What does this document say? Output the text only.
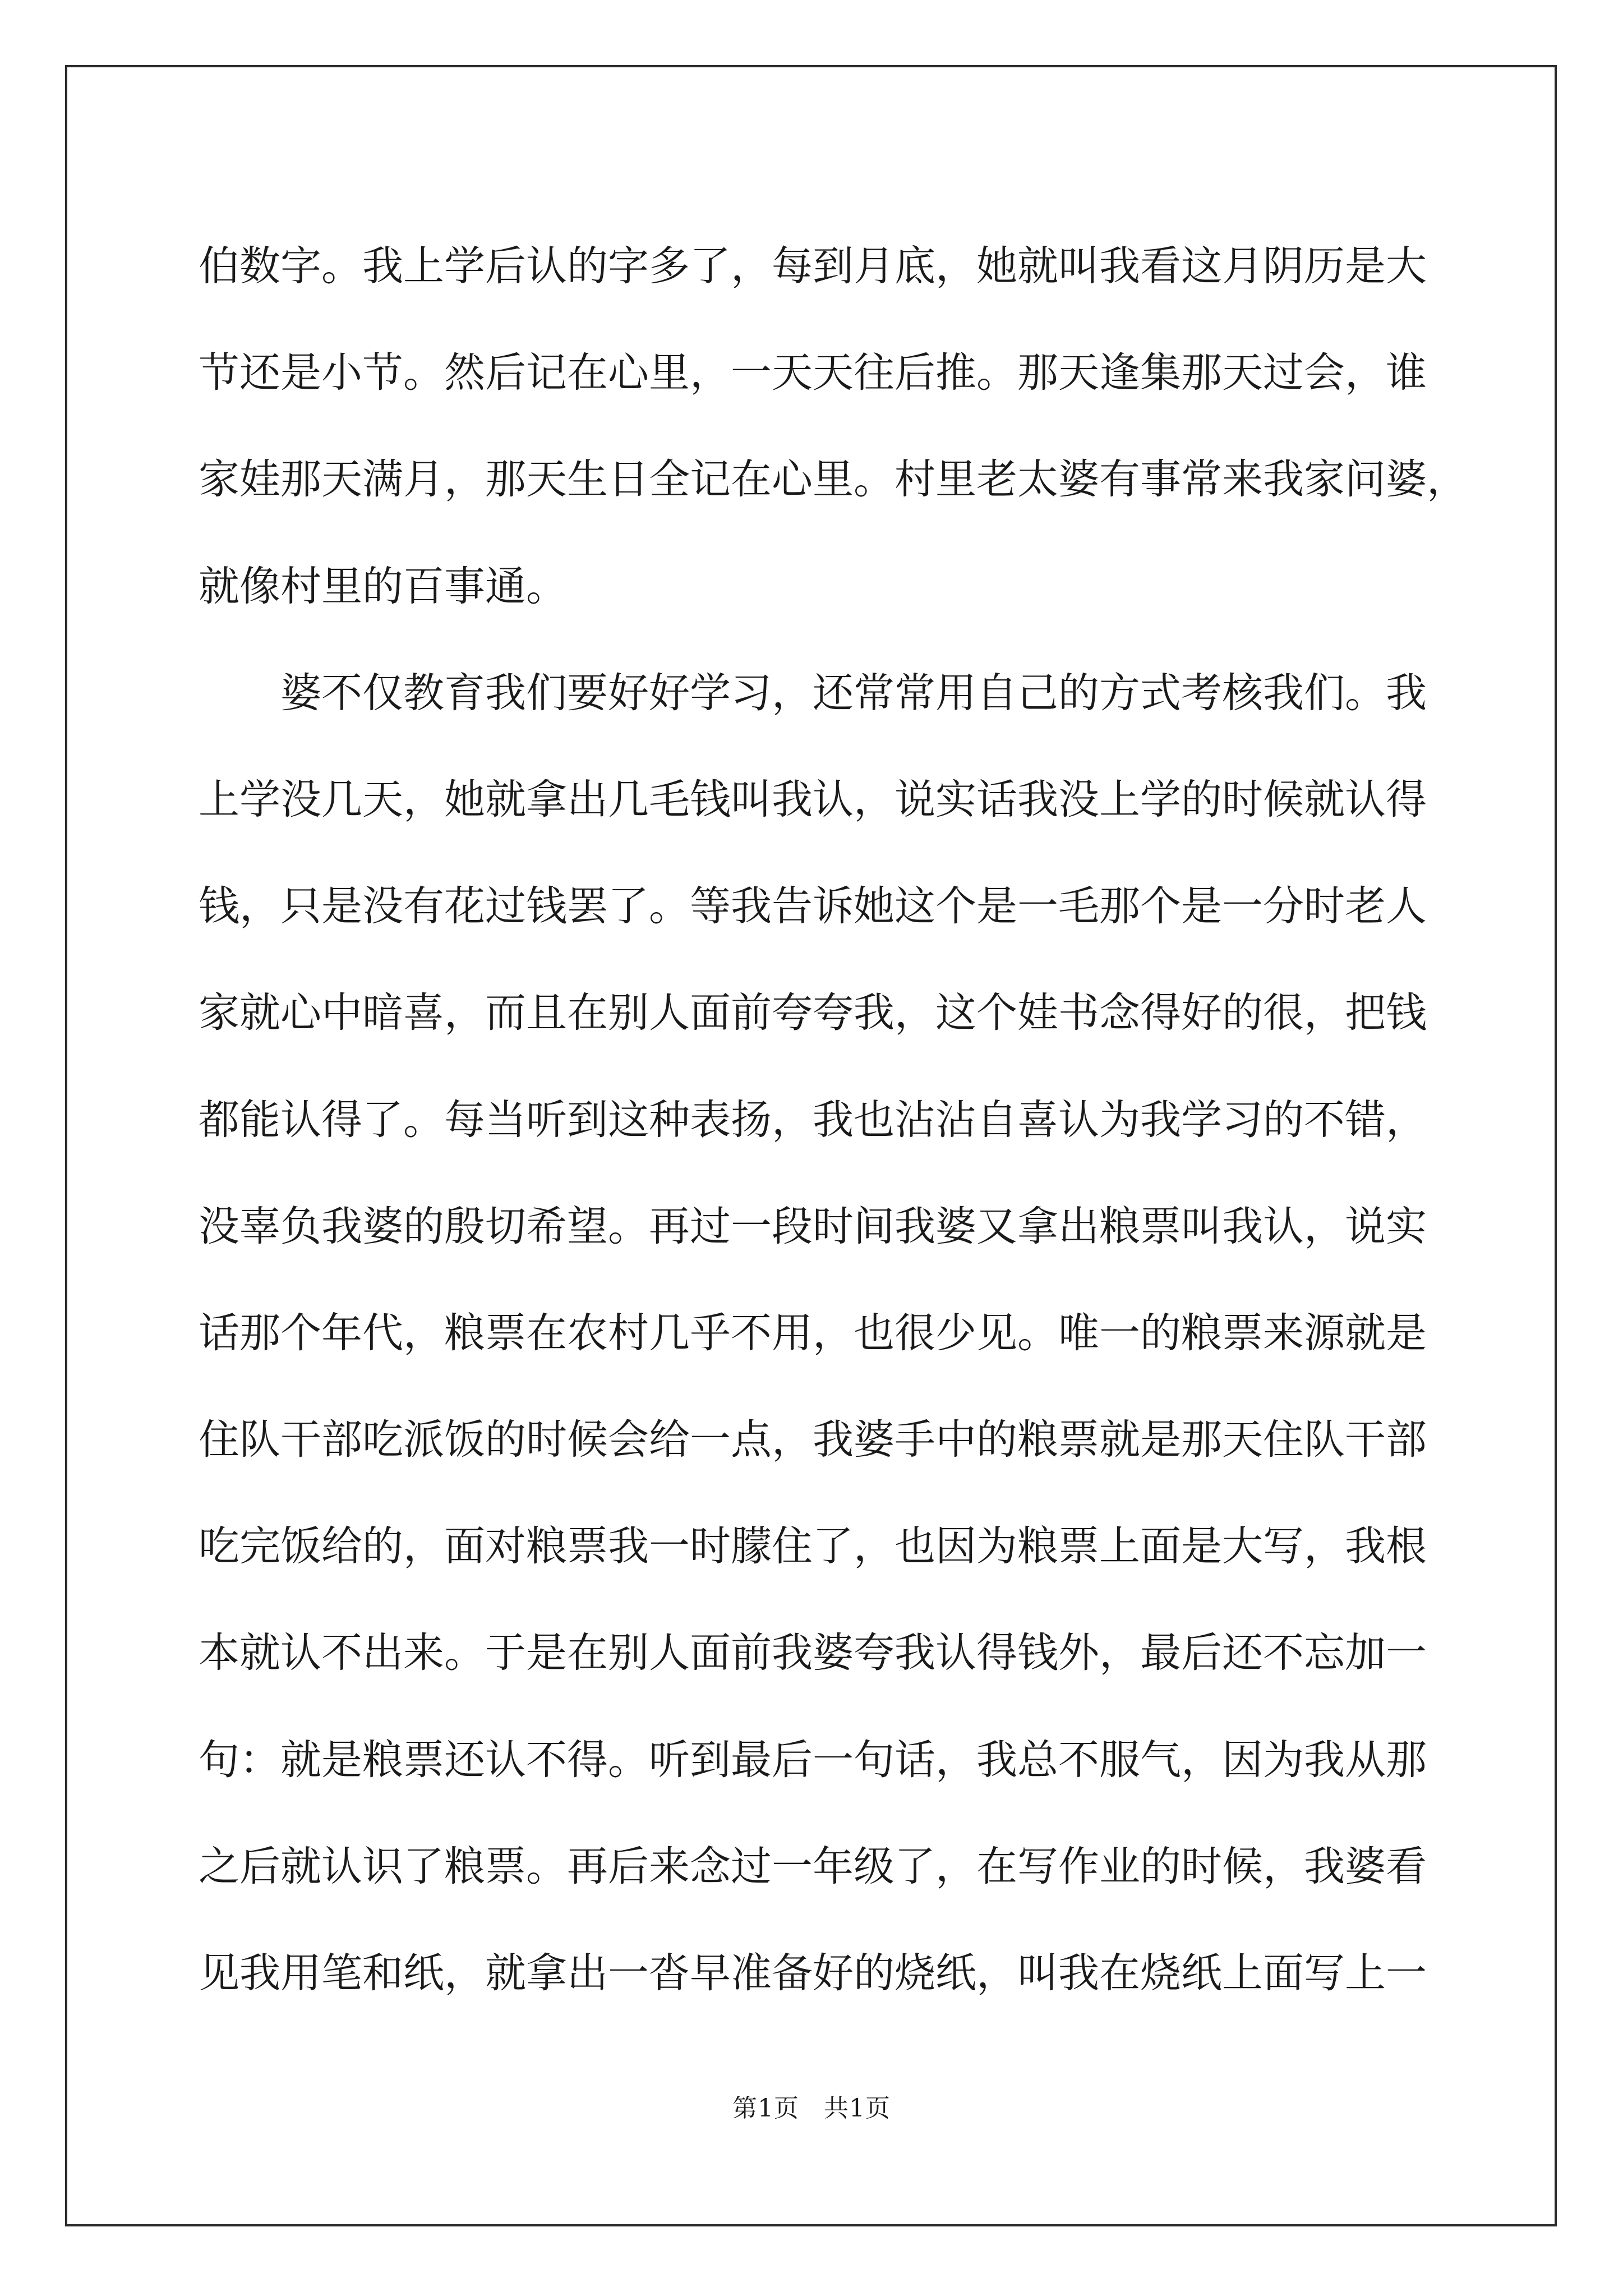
伯数字。我上学后认的字多了，每到月底，她就叫我看这月阴历是大
节还是小节。然后记在心里，一天天往后推。那天逢集那天过会，谁
家娃那天满月，那天生日全记在心里。村里老太婆有事常来我家问婆，
就像村里的百事通。

婆不仅教育我们要好好学习，还常常用自己的方式考核我们。我
上学没几天，她就拿出几毛钱叫我认，说实话我没上学的时候就认得
钱，只是没有花过钱罢了。等我告诉她这个是一毛那个是一分时老人
家就心中暗喜，而且在别人面前夸夸我，这个娃书念得好的很，把钱
都能认得了。每当听到这种表扬，我也沾沾自喜认为我学习的不错，
没辜负我婆的殷切希望。再过一段时间我婆又拿出粮票叫我认，说实
话那个年代，粮票在农村几乎不用，也很少见。唯一的粮票来源就是
住队干部吃派饭的时候会给一点，我婆手中的粮票就是那天住队干部
吃完饭给的，面对粮票我一时朦住了，也因为粮票上面是大写，我根
本就认不出来。于是在别人面前我婆夸我认得钱外，最后还不忘加一
句：就是粮票还认不得。听到最后一句话，我总不服气，因为我从那
之后就认识了粮票。再后来念过一年级了，在写作业的时候，我婆看
见我用笔和纸，就拿出一沓早准备好的烧纸，叫我在烧纸上面写上一

第1页 共1页
